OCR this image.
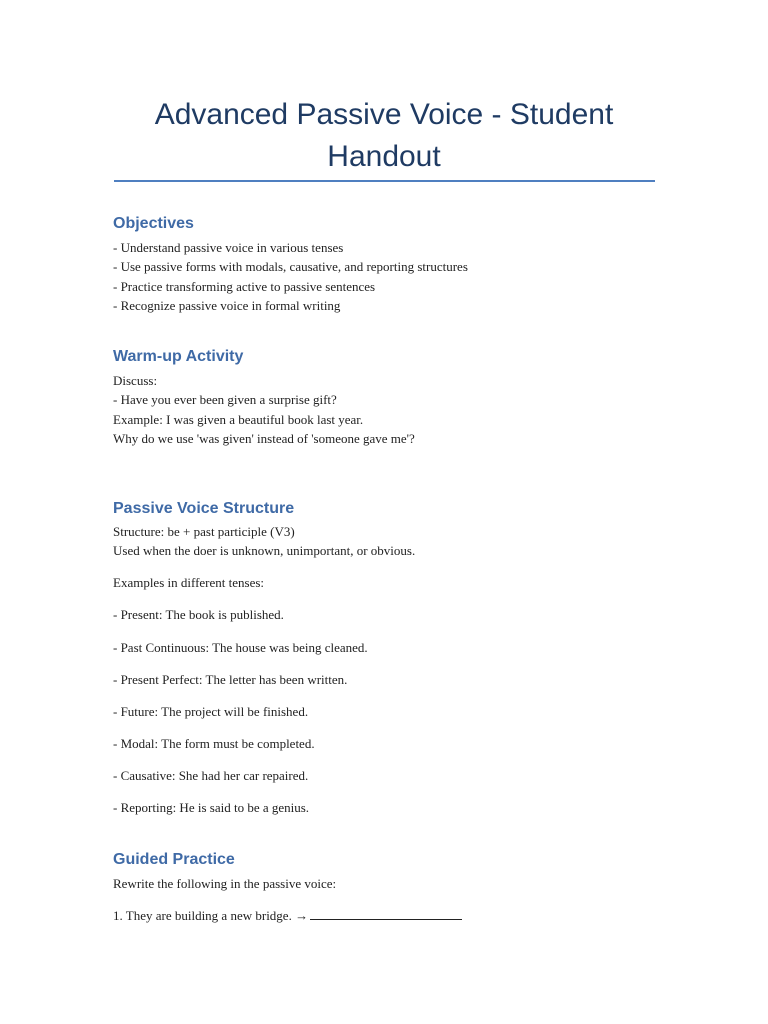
Advanced Passive Voice - Student Handout
Objectives
- Understand passive voice in various tenses
- Use passive forms with modals, causative, and reporting structures
- Practice transforming active to passive sentences
- Recognize passive voice in formal writing
Warm-up Activity
Discuss:
- Have you ever been given a surprise gift?
Example: I was given a beautiful book last year.
Why do we use 'was given' instead of 'someone gave me'?
Passive Voice Structure
Structure: be + past participle (V3)
Used when the doer is unknown, unimportant, or obvious.

Examples in different tenses:

- Present: The book is published.

- Past Continuous: The house was being cleaned.

- Present Perfect: The letter has been written.

- Future: The project will be finished.

- Modal: The form must be completed.

- Causative: She had her car repaired.

- Reporting: He is said to be a genius.

Guided Practice

Rewrite the following in the passive voice:

1. They are building a new bridge. →
